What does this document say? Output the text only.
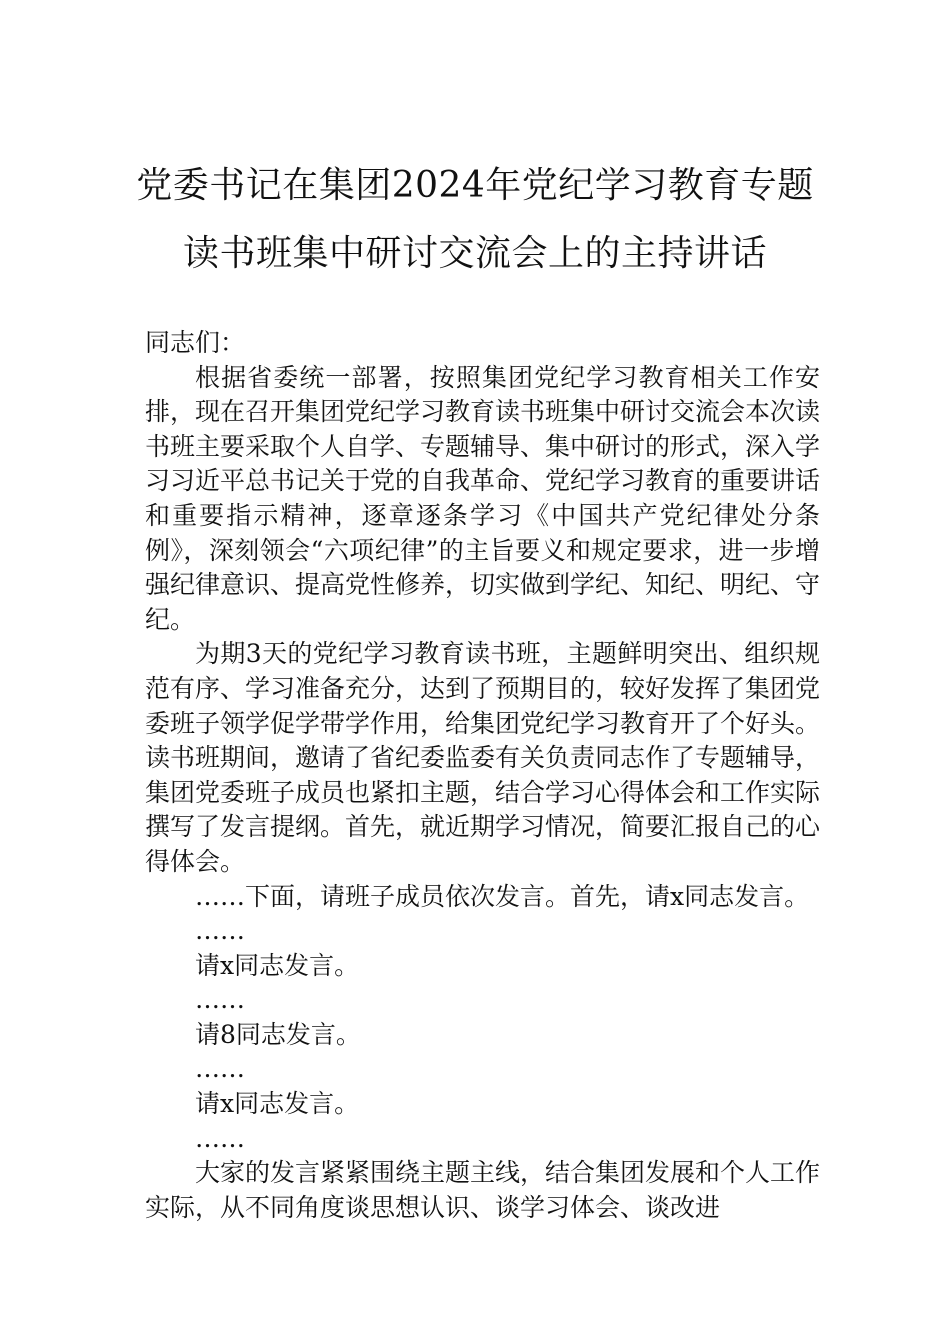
党委书记在集团2024年党纪学习教育专题
读书班集中研讨交流会上的主持讲话

同志们：

根据省委统一部署，按照集团党纪学习教育相关工作安排，现在召开集团党纪学习教育读书班集中研讨交流会本次读书班主要采取个人自学、专题辅导、集中研讨的形式，深入学习习近平总书记关于党的自我革命、党纪学习教育的重要讲话和重要指示精神，逐章逐条学习《中国共产党纪律处分条例》，深刻领会“六项纪律”的主旨要义和规定要求，进一步增强纪律意识、提高党性修养，切实做到学纪、知纪、明纪、守纪。

为期3天的党纪学习教育读书班，主题鲜明突出、组织规范有序、学习准备充分，达到了预期目的，较好发挥了集团党委班子领学促学带学作用，给集团党纪学习教育开了个好头。读书班期间，邀请了省纪委监委有关负责同志作了专题辅导，集团党委班子成员也紧扣主题，结合学习心得体会和工作实际撰写了发言提纲。首先，就近期学习情况，简要汇报自己的心得体会。

……下面，请班子成员依次发言。首先，请x同志发言。

……

请x同志发言。

……

请8同志发言。

……

请x同志发言。

……

大家的发言紧紧围绕主题主线，结合集团发展和个人工作实际，从不同角度谈思想认识、谈学习体会、谈改进
